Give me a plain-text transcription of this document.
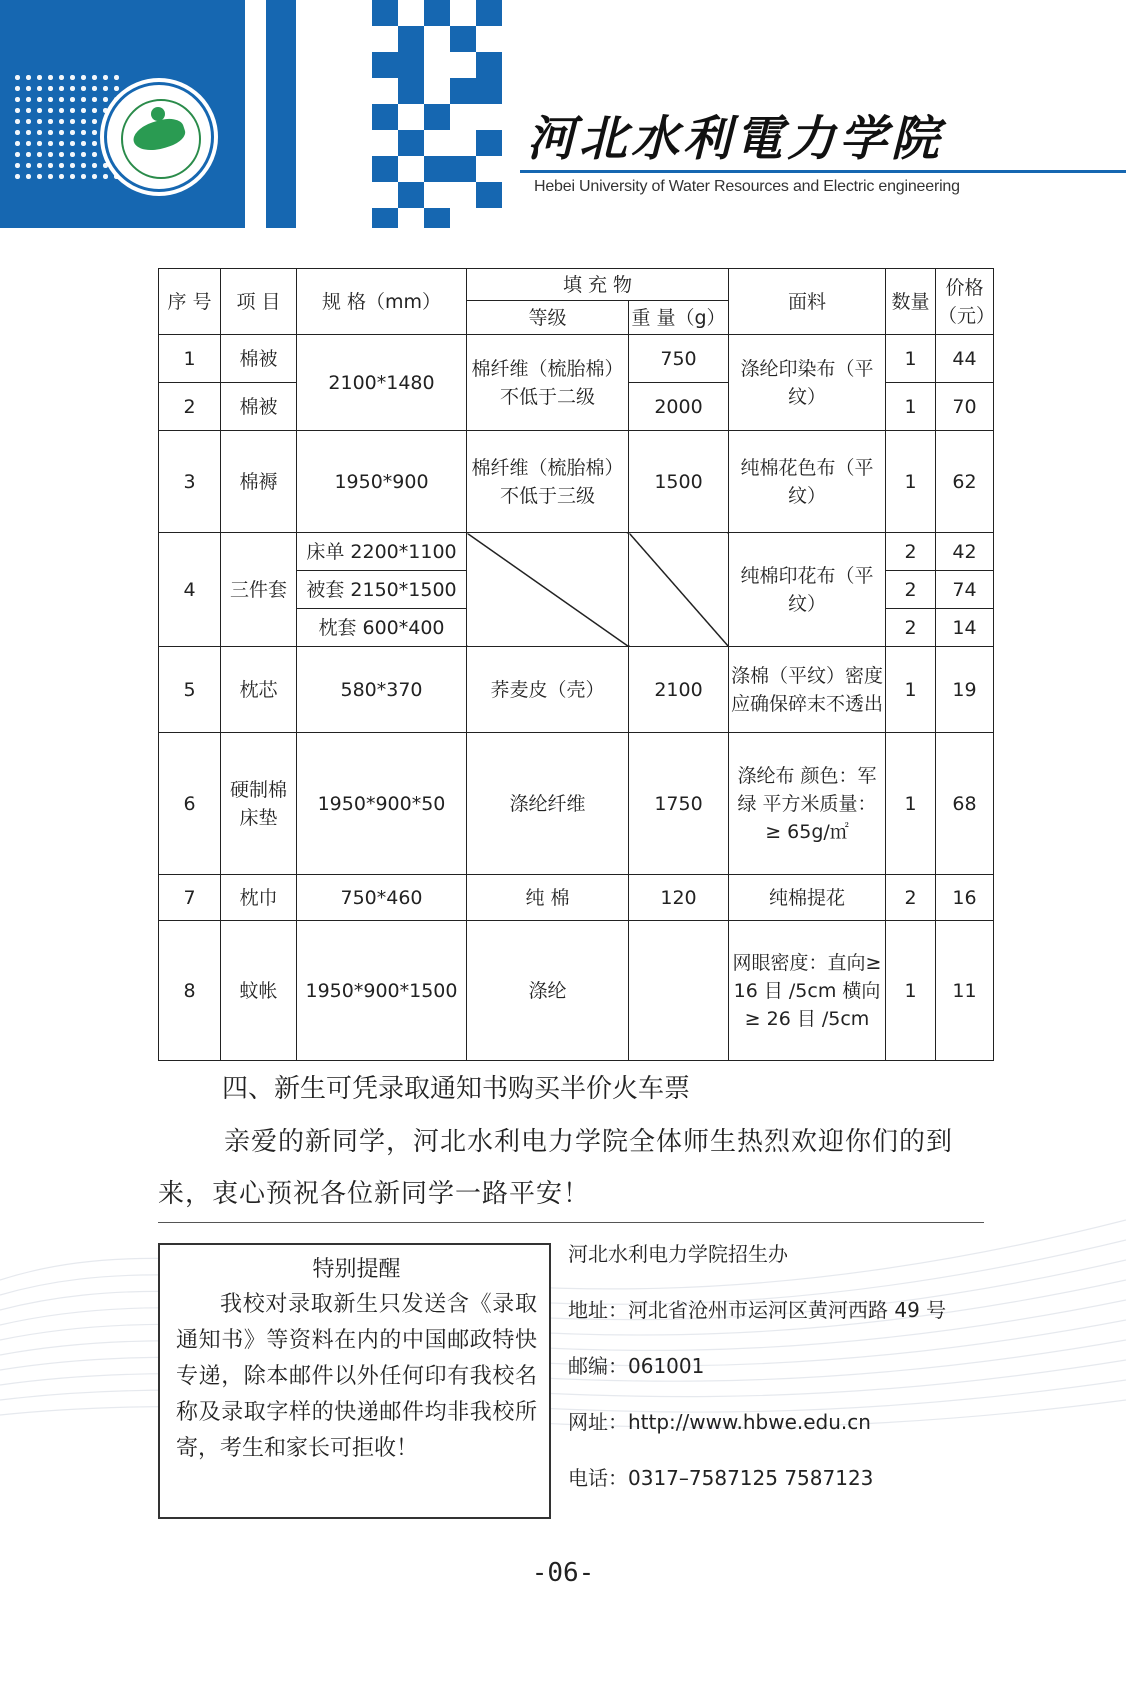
河北水利電力学院
Hebei University of Water Resources and Electric engineering
序 号	项 目	规 格（mm）	填 充 物		面料	数量	价格（元）
			等级	重 量（g）			
1	棉被	2100*1480	棉纤维（梳胎棉）不低于二级	750	涤纶印染布（平纹）	1	44
2	棉被			2000		1	70
3	棉褥	1950*900	棉纤维（梳胎棉）不低于三级	1500	纯棉花色布（平纹）	1	62
4	三件套	床单 2200*1100			纯棉印花布（平纹）	2	42
		被套 2150*1500				2	74
		枕套 600*400				2	14
5	枕芯	580*370	荞麦皮（壳）	2100	涤棉（平纹）密度应确保碎末不透出	1	19
6	硬制棉床垫	1950*900*50	涤纶纤维	1750	涤纶布 颜色：军绿 平方米质量：≥ 65g/㎡	1	68
7	枕巾	750*460	纯 棉	120	纯棉提花	2	16
8	蚊帐	1950*900*1500	涤纶		网眼密度：直向≥ 16 目 /5cm 横向≥ 26 目 /5cm	1	11
四、新生可凭录取通知书购买半价火车票
亲爱的新同学，河北水利电力学院全体师生热烈欢迎你们的到来，衷心预祝各位新同学一路平安！
特别提醒
我校对录取新生只发送含《录取通知书》等资料在内的中国邮政特快专递，除本邮件以外任何印有我校名称及录取字样的快递邮件均非我校所寄，考生和家长可拒收！
河北水利电力学院招生办
地址：河北省沧州市运河区黄河西路 49 号
邮编：061001
网址：http://www.hbwe.edu.cn
电话：0317–7587125 7587123
-06-
